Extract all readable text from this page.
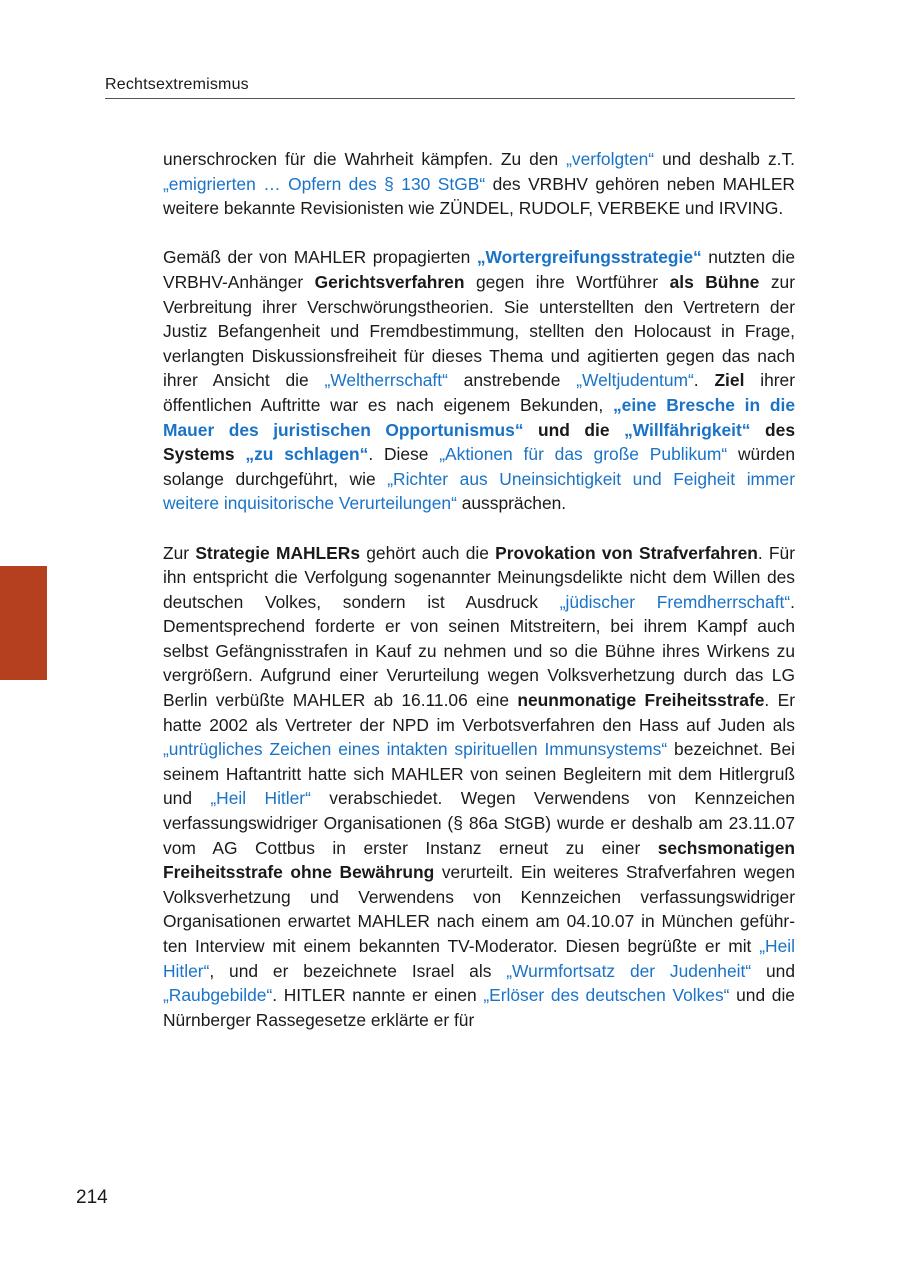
Rechtsextremismus

unerschrocken für die Wahrheit kämpfen. Zu den „verfolgten“ und deshalb z.T. „emigrierten … Opfern des § 130 StGB“ des VRBHV gehören neben MAHLER weitere bekannte Revisionisten wie ZÜNDEL, RUDOLF, VERBEKE und IRVING.

Gemäß der von MAHLER propagierten „Wortergreifungsstrategie“ nutzten die VRBHV-Anhänger Gerichtsverfahren gegen ihre Wortführer als Bühne zur Verbreitung ihrer Verschwörungstheorien. Sie unterstellten den Vertretern der Justiz Befangenheit und Fremdbestimmung, stellten den Holocaust in Frage, verlangten Diskussionsfreiheit für dieses Thema und agitierten gegen das nach ihrer Ansicht die „Weltherrschaft“ anstrebende „Weltjudentum“. Ziel ihrer öffentlichen Auftritte war es nach eigenem Bekunden, „eine Bresche in die Mauer des juristischen Opportunismus“ und die „Willfährigkeit“ des Systems „zu schlagen“. Diese „Aktionen für das große Publikum“ würden solange durchgeführt, wie „Richter aus Uneinsichtigkeit und Feigheit immer weitere inquisitorische Verurteilungen“ aussprächen.

Zur Strategie MAHLERs gehört auch die Provokation von Strafverfahren. Für ihn entspricht die Verfolgung sogenannter Meinungsdelikte nicht dem Willen des deutschen Volkes, sondern ist Ausdruck „jüdischer Fremdherrschaft“. Dementsprechend forderte er von seinen Mitstreitern, bei ihrem Kampf auch selbst Gefängnisstrafen in Kauf zu nehmen und so die Bühne ihres Wirkens zu vergrößern. Aufgrund einer Verurteilung wegen Volksverhetzung durch das LG Berlin verbüßte MAHLER ab 16.11.06 eine neunmonatige Freiheitsstrafe. Er hatte 2002 als Vertreter der NPD im Verbotsverfahren den Hass auf Juden als „untrügliches Zeichen eines intakten spirituellen Immunsystems“ bezeichnet. Bei seinem Haftantritt hatte sich MAHLER von seinen Begleitern mit dem Hitlergruß und „Heil Hitler“ verabschiedet. Wegen Verwendens von Kennzeichen verfassungswidriger Organisationen (§ 86a StGB) wurde er deshalb am 23.11.07 vom AG Cottbus in erster Instanz erneut zu einer sechsmonatigen Freiheitsstrafe ohne Bewährung verurteilt. Ein weiteres Strafverfahren wegen Volksverhetzung und Verwendens von Kennzeichen verfassungswidriger Organisationen erwartet MAHLER nach einem am 04.10.07 in München geführten Interview mit einem bekannten TV-Moderator. Diesen begrüßte er mit „Heil Hitler“, und er bezeichnete Israel als „Wurmfortsatz der Judenheit“ und „Raubgebilde“. HITLER nannte er einen „Erlöser des deutschen Volkes“ und die Nürnberger Rassegesetze erklärte er für

214
